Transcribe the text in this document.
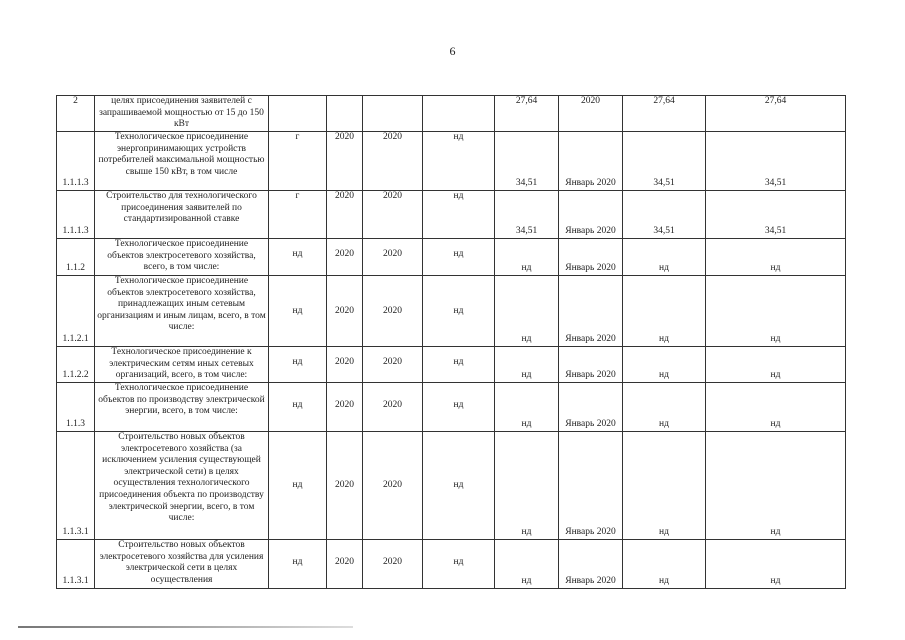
6
2	целях присоединения заявителей с запрашиваемой мощностью от 15 до 150 кВт					27,64	2020	27,64	27,64
1.1.1.3	Технологическое присоединение энергопринимающих устройств потребителей максимальной мощностью свыше 150 кВт, в том числе	г	2020	2020	нд	34,51	Январь 2020	34,51	34,51
1.1.1.3	Строительство для технологического присоединения заявителей по стандартизированной ставке	г	2020	2020	нд	34,51	Январь 2020	34,51	34,51
1.1.2	Технологическое присоединение объектов электросетевого хозяйства, всего, в том числе:	нд	2020	2020	нд	нд	Январь 2020	нд	нд
1.1.2.1	Технологическое присоединение объектов электросетевого хозяйства, принадлежащих иным сетевым организациям и иным лицам, всего, в том числе:	нд	2020	2020	нд	нд	Январь 2020	нд	нд
1.1.2.2	Технологическое присоединение к электрическим сетям иных сетевых организаций, всего, в том числе:	нд	2020	2020	нд	нд	Январь 2020	нд	нд
1.1.3	Технологическое присоединение объектов по производству электрической энергии, всего, в том числе:	нд	2020	2020	нд	нд	Январь 2020	нд	нд
1.1.3.1	Строительство новых объектов электросетевого хозяйства (за исключением усиления существующей электрической сети) в целях осуществления технологического присоединения объекта по производству электрической энергии, всего, в том числе:	нд	2020	2020	нд	нд	Январь 2020	нд	нд
1.1.3.1	Строительство новых объектов электросетевого хозяйства для усиления электрической сети в целях осуществления	нд	2020	2020	нд	нд	Январь 2020	нд	нд
